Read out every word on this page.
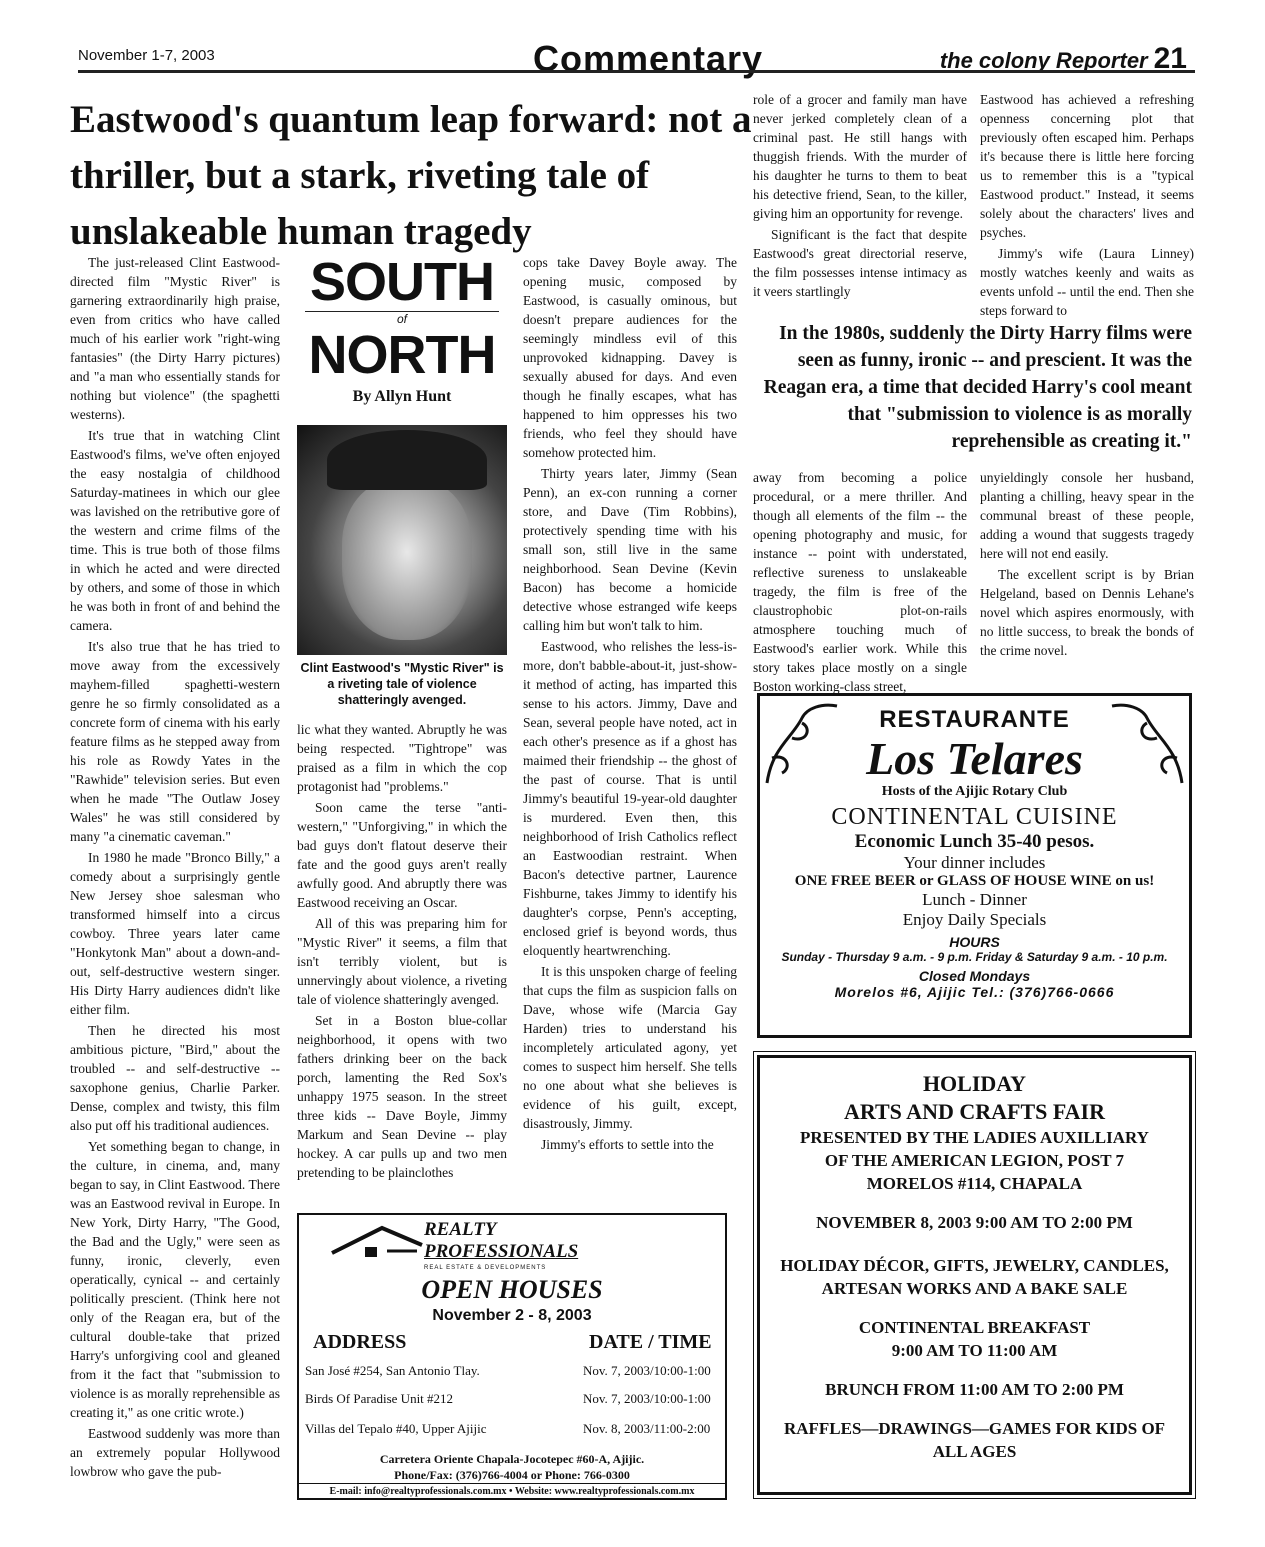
November 1-7, 2003	Commentary	the colony Reporter 21
Eastwood's quantum leap forward: not a thriller, but a stark, riveting tale of unslakeable human tragedy
SOUTH
of
NORTH
By Allyn Hunt
Clint Eastwood's "Mystic River" is a riveting tale of violence shatteringly avenged.

The just-released Clint Eastwood-directed film "Mystic River" is garnering extraordinarily high praise, even from critics who have called much of his earlier work "right-wing fantasies" (the Dirty Harry pictures) and "a man who essentially stands for nothing but violence" (the spaghetti westerns).

It's true that in watching Clint Eastwood's films, we've often enjoyed the easy nostalgia of childhood Saturday-matinees in which our glee was lavished on the retributive gore of the western and crime films of the time. This is true both of those films in which he acted and were directed by others, and some of those in which he was both in front of and behind the camera.

It's also true that he has tried to move away from the excessively mayhem-filled spaghetti-western genre he so firmly consolidated as a concrete form of cinema with his early feature films as he stepped away from his role as Rowdy Yates in the "Rawhide" television series. But even when he made "The Outlaw Josey Wales" he was still considered by many "a cinematic caveman."

In 1980 he made "Bronco Billy," a comedy about a surprisingly gentle New Jersey shoe salesman who transformed himself into a circus cowboy. Three years later came "Honkytonk Man" about a down-and-out, self-destructive western singer. His Dirty Harry audiences didn't like either film.

Then he directed his most ambitious picture, "Bird," about the troubled -- and self-destructive -- saxophone genius, Charlie Parker. Dense, complex and twisty, this film also put off his traditional audiences.

Yet something began to change, in the culture, in cinema, and, many began to say, in Clint Eastwood. There was an Eastwood revival in Europe. In New York, Dirty Harry, "The Good, the Bad and the Ugly," were seen as funny, ironic, cleverly, even operatically, cynical -- and certainly politically prescient. (Think here not only of the Reagan era, but of the cultural double-take that prized Harry's unforgiving cool and gleaned from it the fact that "submission to violence is as morally reprehensible as creating it," as one critic wrote.)

Eastwood suddenly was more than an extremely popular Hollywood lowbrow who gave the pub-

lic what they wanted. Abruptly he was being respected. "Tightrope" was praised as a film in which the cop protagonist had "problems."

Soon came the terse "anti-western," "Unforgiving," in which the bad guys don't flatout deserve their fate and the good guys aren't really awfully good. And abruptly there was Eastwood receiving an Oscar.

All of this was preparing him for "Mystic River" it seems, a film that isn't terribly violent, but is unnervingly about violence, a riveting tale of violence shatteringly avenged.

Set in a Boston blue-collar neighborhood, it opens with two fathers drinking beer on the back porch, lamenting the Red Sox's unhappy 1975 season. In the street three kids -- Dave Boyle, Jimmy Markum and Sean Devine -- play hockey. A car pulls up and two men pretending to be plainclothes

cops take Davey Boyle away. The opening music, composed by Eastwood, is casually ominous, but doesn't prepare audiences for the seemingly mindless evil of this unprovoked kidnapping. Davey is sexually abused for days. And even though he finally escapes, what has happened to him oppresses his two friends, who feel they should have somehow protected him.

Thirty years later, Jimmy (Sean Penn), an ex-con running a corner store, and Dave (Tim Robbins), protectively spending time with his small son, still live in the same neighborhood. Sean Devine (Kevin Bacon) has become a homicide detective whose estranged wife keeps calling him but won't talk to him.

Eastwood, who relishes the less-is-more, don't babble-about-it, just-show-it method of acting, has imparted this sense to his actors. Jimmy, Dave and Sean, several people have noted, act in each other's presence as if a ghost has maimed their friendship -- the ghost of the past of course. That is until Jimmy's beautiful 19-year-old daughter is murdered. Even then, this neighborhood of Irish Catholics reflect an Eastwoodian restraint. When Bacon's detective partner, Laurence Fishburne, takes Jimmy to identify his daughter's corpse, Penn's accepting, enclosed grief is beyond words, thus eloquently heartwrenching.

It is this unspoken charge of feeling that cups the film as suspicion falls on Dave, whose wife (Marcia Gay Harden) tries to understand his incompletely articulated agony, yet comes to suspect him herself. She tells no one about what she believes is evidence of his guilt, except, disastrously, Jimmy.

Jimmy's efforts to settle into the

role of a grocer and family man have never jerked completely clean of a criminal past. He still hangs with thuggish friends. With the murder of his daughter he turns to them to beat his detective friend, Sean, to the killer, giving him an opportunity for revenge.

Significant is the fact that despite Eastwood's great directorial reserve, the film possesses intense intimacy as it veers startlingly

Eastwood has achieved a refreshing openness concerning plot that previously often escaped him. Perhaps it's because there is little here forcing us to remember this is a "typical Eastwood product." Instead, it seems solely about the characters' lives and psyches.

Jimmy's wife (Laura Linney) mostly watches keenly and waits as events unfold -- until the end. Then she steps forward to

away from becoming a police procedural, or a mere thriller. And though all elements of the film -- the opening photography and music, for instance -- point with understated, reflective sureness to unslakeable tragedy, the film is free of the claustrophobic plot-on-rails atmosphere touching much of Eastwood's earlier work. While this story takes place mostly on a single Boston working-class street,

unyieldingly console her husband, planting a chilling, heavy spear in the communal breast of these people, adding a wound that suggests tragedy here will not end easily.

The excellent script is by Brian Helgeland, based on Dennis Lehane's novel which aspires enormously, with no little success, to break the bonds of the crime novel.

In the 1980s, suddenly the Dirty Harry films were seen as funny, ironic -- and prescient. It was the Reagan era, a time that decided Harry's cool meant that "submission to violence is as morally reprehensible as creating it."
RESTAURANTE
Los Telares
Hosts of the Ajijic Rotary Club
CONTINENTAL CUISINE
Economic Lunch 35-40 pesos.
Your dinner includes
ONE FREE BEER or GLASS OF HOUSE WINE on us!
Lunch - Dinner
Enjoy Daily Specials
HOURS
Sunday - Thursday 9 a.m. - 9 p.m. Friday & Saturday 9 a.m. - 10 p.m.
Closed Mondays
Morelos #6, Ajijic Tel.: (376)766-0666
HOLIDAY
ARTS AND CRAFTS FAIR
PRESENTED BY THE LADIES AUXILLIARY
OF THE AMERICAN LEGION, POST 7
MORELOS #114, CHAPALA
NOVEMBER 8, 2003 9:00 AM TO 2:00 PM
HOLIDAY DÉCOR, GIFTS, JEWELRY, CANDLES,
ARTESAN WORKS AND A BAKE SALE
CONTINENTAL BREAKFAST
9:00 AM TO 11:00 AM
BRUNCH FROM 11:00 AM TO 2:00 PM
RAFFLES—DRAWINGS—GAMES FOR KIDS OF
ALL AGES
REALTY
PROFESSIONALS
REAL ESTATE & DEVELOPMENTS
OPEN HOUSES
November 2 - 8, 2003
ADDRESS	DATE / TIME
San José #254, San Antonio Tlay.	Nov. 7, 2003/10:00-1:00
Birds Of Paradise Unit #212	Nov. 7, 2003/10:00-1:00
Villas del Tepalo #40, Upper Ajijic	Nov. 8, 2003/11:00-2:00
Carretera Oriente Chapala-Jocotepec #60-A, Ajijic.
Phone/Fax: (376)766-4004 or Phone: 766-0300
E-mail: info@realtyprofessionals.com.mx • Website: www.realtyprofessionals.com.mx
